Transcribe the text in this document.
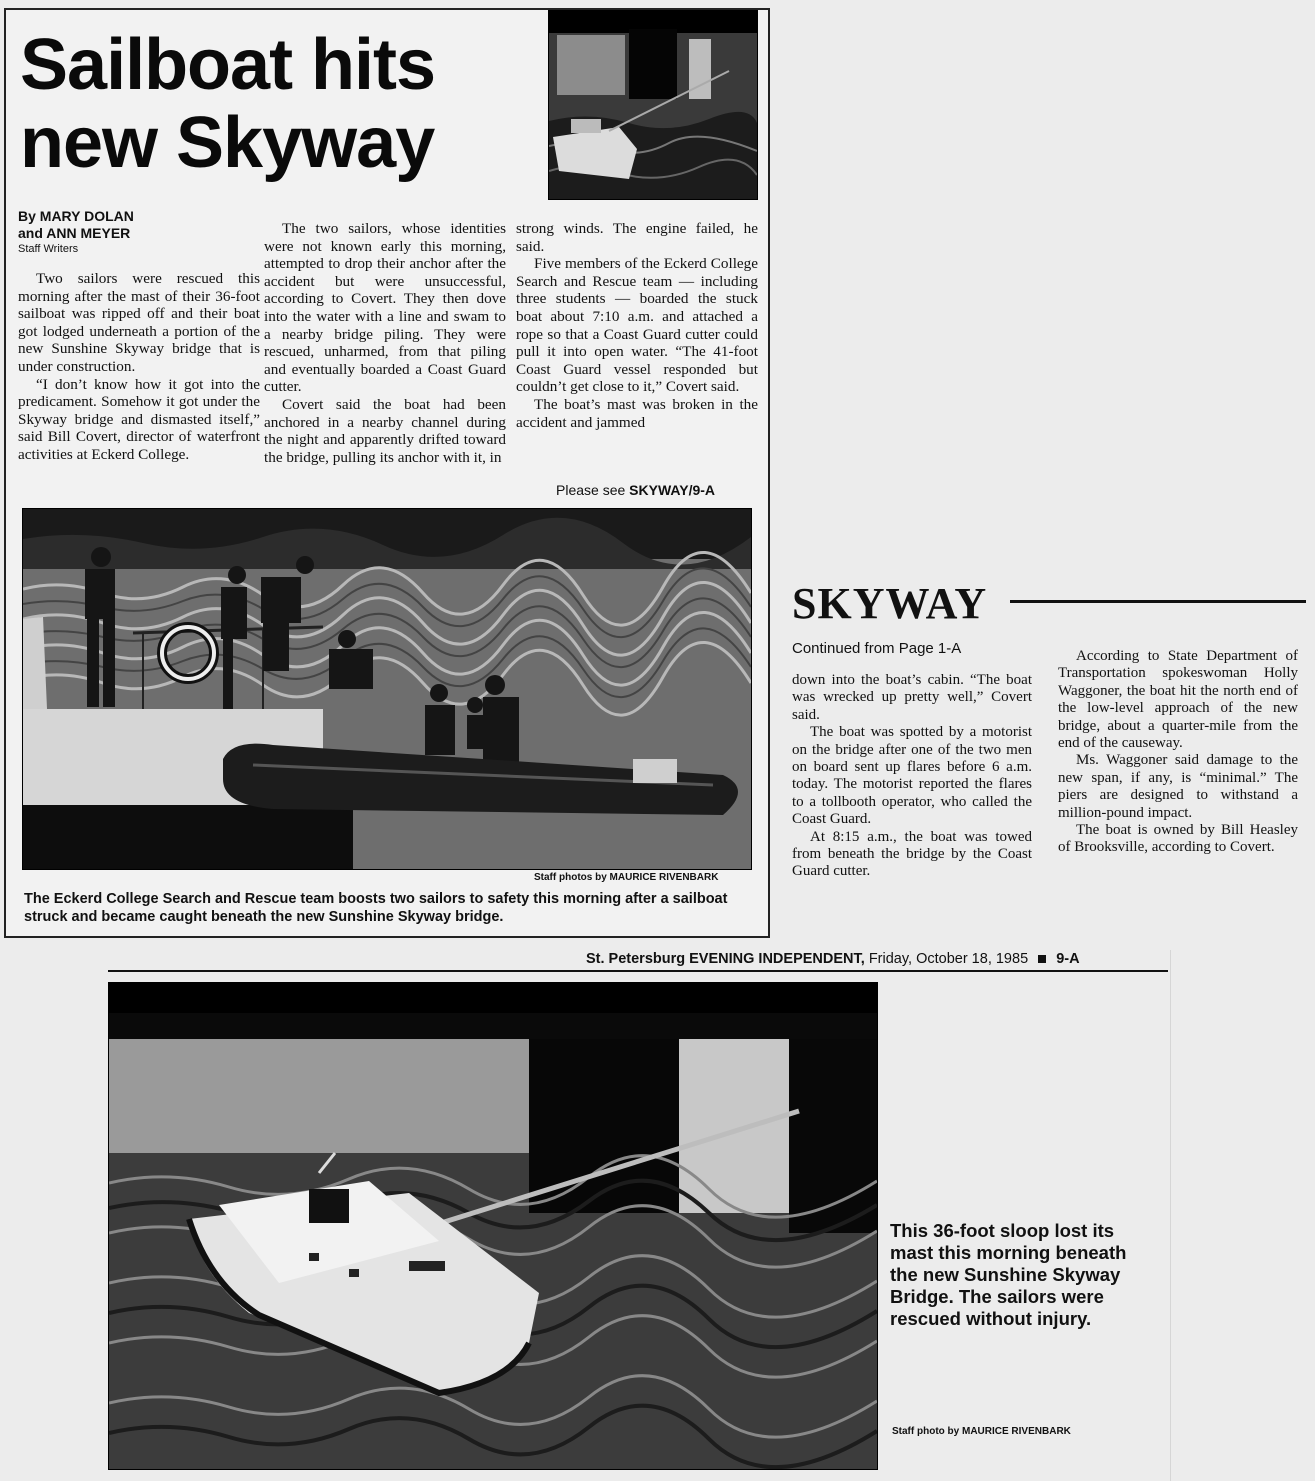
Sailboat hits new Skyway
By MARY DOLAN
and ANN MEYER
Staff Writers

Two sailors were rescued this morning after the mast of their 36-foot sailboat was ripped off and their boat got lodged underneath a portion of the new Sunshine Skyway bridge that is under construction.

“I don’t know how it got into the predicament. Somehow it got under the Skyway bridge and dismasted itself,” said Bill Covert, director of waterfront activities at Eckerd College.

The two sailors, whose identities were not known early this morning, attempted to drop their anchor after the accident but were unsuccessful, according to Covert. They then dove into the water with a line and swam to a nearby bridge piling. They were rescued, unharmed, from that piling and eventually boarded a Coast Guard cutter.

Covert said the boat had been anchored in a nearby channel during the night and apparently drifted toward the bridge, pulling its anchor with it, in

strong winds. The engine failed, he said.

Five members of the Eckerd College Search and Rescue team — including three students — boarded the stuck boat about 7:10 a.m. and attached a rope so that a Coast Guard cutter could pull it into open water. “The 41-foot Coast Guard vessel responded but couldn’t get close to it,” Covert said.

The boat’s mast was broken in the accident and jammed

Please see SKYWAY/9-A
Staff photos by MAURICE RIVENBARK

The Eckerd College Search and Rescue team boosts two sailors to safety this morning after a sailboat struck and became caught beneath the new Sunshine Skyway bridge.

SKYWAY
Continued from Page 1-A

down into the boat’s cabin. “The boat was wrecked up pretty well,” Covert said.

The boat was spotted by a motorist on the bridge after one of the two men on board sent up flares before 6 a.m. today. The motorist reported the flares to a tollbooth operator, who called the Coast Guard.

At 8:15 a.m., the boat was towed from beneath the bridge by the Coast Guard cutter.

According to State Department of Transportation spokeswoman Holly Waggoner, the boat hit the north end of the low-level approach of the new bridge, about a quarter-mile from the end of the causeway.

Ms. Waggoner said damage to the new span, if any, is “minimal.” The piers are designed to withstand a million-pound impact.

The boat is owned by Bill Heasley of Brooksville, according to Covert.

St. Petersburg EVENING INDEPENDENT, Friday, October 18, 1985 9-A

This 36-foot sloop lost its mast this morning beneath the new Sunshine Skyway Bridge. The sailors were rescued without injury.

Staff photo by MAURICE RIVENBARK
